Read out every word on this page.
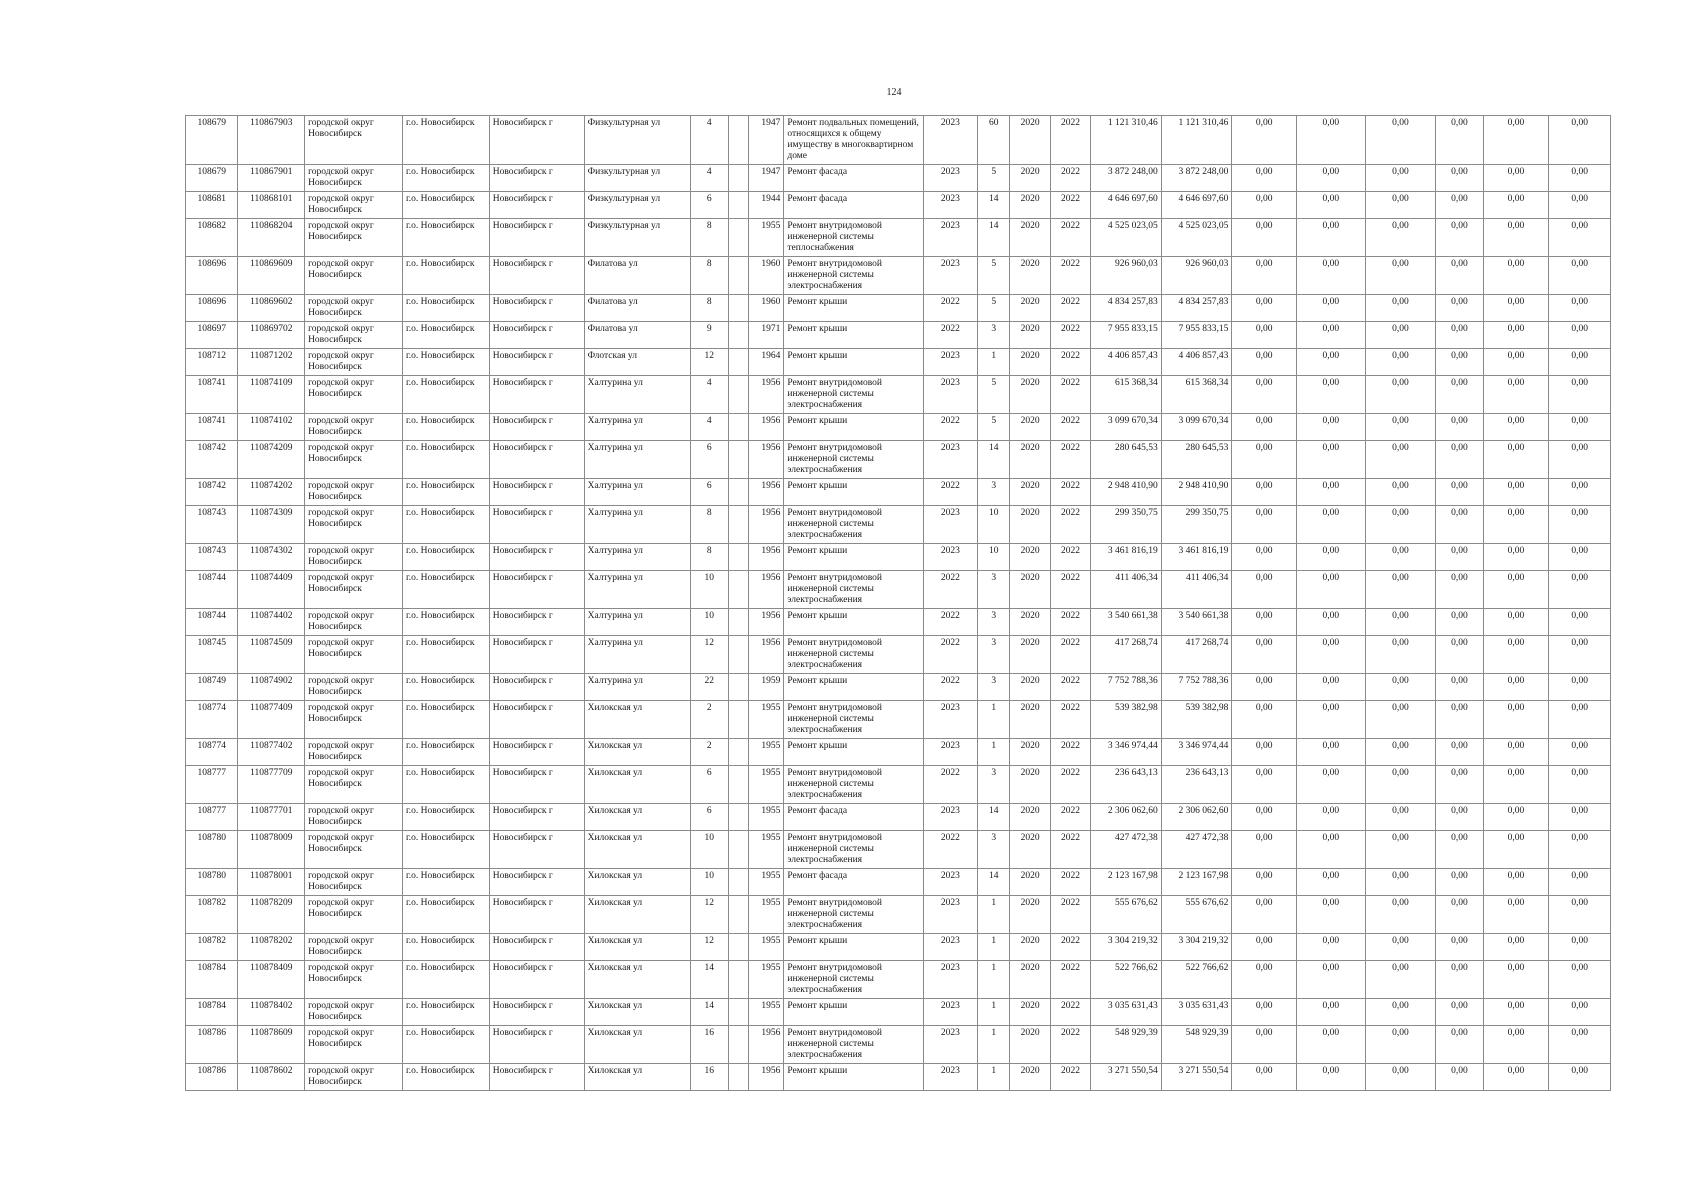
124
108679	110867903	городской округ Новосибирск	г.о. Новосибирск	Новосибирск г	Физкультурная ул	4		1947	Ремонт подвальных помещений, относящихся к общему имуществу в многоквартирном доме	2023	60	2020	2022	1 121 310,46	1 121 310,46	0,00	0,00	0,00	0,00	0,00	0,00
108679	110867901	городской округ Новосибирск	г.о. Новосибирск	Новосибирск г	Физкультурная ул	4		1947	Ремонт фасада	2023	5	2020	2022	3 872 248,00	3 872 248,00	0,00	0,00	0,00	0,00	0,00	0,00
108681	110868101	городской округ Новосибирск	г.о. Новосибирск	Новосибирск г	Физкультурная ул	6		1944	Ремонт фасада	2023	14	2020	2022	4 646 697,60	4 646 697,60	0,00	0,00	0,00	0,00	0,00	0,00
108682	110868204	городской округ Новосибирск	г.о. Новосибирск	Новосибирск г	Физкультурная ул	8		1955	Ремонт внутридомовой инженерной системы теплоснабжения	2023	14	2020	2022	4 525 023,05	4 525 023,05	0,00	0,00	0,00	0,00	0,00	0,00
108696	110869609	городской округ Новосибирск	г.о. Новосибирск	Новосибирск г	Филатова ул	8		1960	Ремонт внутридомовой инженерной системы электроснабжения	2023	5	2020	2022	926 960,03	926 960,03	0,00	0,00	0,00	0,00	0,00	0,00
108696	110869602	городской округ Новосибирск	г.о. Новосибирск	Новосибирск г	Филатова ул	8		1960	Ремонт крыши	2022	5	2020	2022	4 834 257,83	4 834 257,83	0,00	0,00	0,00	0,00	0,00	0,00
108697	110869702	городской округ Новосибирск	г.о. Новосибирск	Новосибирск г	Филатова ул	9		1971	Ремонт крыши	2022	3	2020	2022	7 955 833,15	7 955 833,15	0,00	0,00	0,00	0,00	0,00	0,00
108712	110871202	городской округ Новосибирск	г.о. Новосибирск	Новосибирск г	Флотская ул	12		1964	Ремонт крыши	2023	1	2020	2022	4 406 857,43	4 406 857,43	0,00	0,00	0,00	0,00	0,00	0,00
108741	110874109	городской округ Новосибирск	г.о. Новосибирск	Новосибирск г	Халтурина ул	4		1956	Ремонт внутридомовой инженерной системы электроснабжения	2023	5	2020	2022	615 368,34	615 368,34	0,00	0,00	0,00	0,00	0,00	0,00
108741	110874102	городской округ Новосибирск	г.о. Новосибирск	Новосибирск г	Халтурина ул	4		1956	Ремонт крыши	2022	5	2020	2022	3 099 670,34	3 099 670,34	0,00	0,00	0,00	0,00	0,00	0,00
108742	110874209	городской округ Новосибирск	г.о. Новосибирск	Новосибирск г	Халтурина ул	6		1956	Ремонт внутридомовой инженерной системы электроснабжения	2023	14	2020	2022	280 645,53	280 645,53	0,00	0,00	0,00	0,00	0,00	0,00
108742	110874202	городской округ Новосибирск	г.о. Новосибирск	Новосибирск г	Халтурина ул	6		1956	Ремонт крыши	2022	3	2020	2022	2 948 410,90	2 948 410,90	0,00	0,00	0,00	0,00	0,00	0,00
108743	110874309	городской округ Новосибирск	г.о. Новосибирск	Новосибирск г	Халтурина ул	8		1956	Ремонт внутридомовой инженерной системы электроснабжения	2023	10	2020	2022	299 350,75	299 350,75	0,00	0,00	0,00	0,00	0,00	0,00
108743	110874302	городской округ Новосибирск	г.о. Новосибирск	Новосибирск г	Халтурина ул	8		1956	Ремонт крыши	2023	10	2020	2022	3 461 816,19	3 461 816,19	0,00	0,00	0,00	0,00	0,00	0,00
108744	110874409	городской округ Новосибирск	г.о. Новосибирск	Новосибирск г	Халтурина ул	10		1956	Ремонт внутридомовой инженерной системы электроснабжения	2022	3	2020	2022	411 406,34	411 406,34	0,00	0,00	0,00	0,00	0,00	0,00
108744	110874402	городской округ Новосибирск	г.о. Новосибирск	Новосибирск г	Халтурина ул	10		1956	Ремонт крыши	2022	3	2020	2022	3 540 661,38	3 540 661,38	0,00	0,00	0,00	0,00	0,00	0,00
108745	110874509	городской округ Новосибирск	г.о. Новосибирск	Новосибирск г	Халтурина ул	12		1956	Ремонт внутридомовой инженерной системы электроснабжения	2022	3	2020	2022	417 268,74	417 268,74	0,00	0,00	0,00	0,00	0,00	0,00
108749	110874902	городской округ Новосибирск	г.о. Новосибирск	Новосибирск г	Халтурина ул	22		1959	Ремонт крыши	2022	3	2020	2022	7 752 788,36	7 752 788,36	0,00	0,00	0,00	0,00	0,00	0,00
108774	110877409	городской округ Новосибирск	г.о. Новосибирск	Новосибирск г	Хилокская ул	2		1955	Ремонт внутридомовой инженерной системы электроснабжения	2023	1	2020	2022	539 382,98	539 382,98	0,00	0,00	0,00	0,00	0,00	0,00
108774	110877402	городской округ Новосибирск	г.о. Новосибирск	Новосибирск г	Хилокская ул	2		1955	Ремонт крыши	2023	1	2020	2022	3 346 974,44	3 346 974,44	0,00	0,00	0,00	0,00	0,00	0,00
108777	110877709	городской округ Новосибирск	г.о. Новосибирск	Новосибирск г	Хилокская ул	6		1955	Ремонт внутридомовой инженерной системы электроснабжения	2022	3	2020	2022	236 643,13	236 643,13	0,00	0,00	0,00	0,00	0,00	0,00
108777	110877701	городской округ Новосибирск	г.о. Новосибирск	Новосибирск г	Хилокская ул	6		1955	Ремонт фасада	2023	14	2020	2022	2 306 062,60	2 306 062,60	0,00	0,00	0,00	0,00	0,00	0,00
108780	110878009	городской округ Новосибирск	г.о. Новосибирск	Новосибирск г	Хилокская ул	10		1955	Ремонт внутридомовой инженерной системы электроснабжения	2022	3	2020	2022	427 472,38	427 472,38	0,00	0,00	0,00	0,00	0,00	0,00
108780	110878001	городской округ Новосибирск	г.о. Новосибирск	Новосибирск г	Хилокская ул	10		1955	Ремонт фасада	2023	14	2020	2022	2 123 167,98	2 123 167,98	0,00	0,00	0,00	0,00	0,00	0,00
108782	110878209	городской округ Новосибирск	г.о. Новосибирск	Новосибирск г	Хилокская ул	12		1955	Ремонт внутридомовой инженерной системы электроснабжения	2023	1	2020	2022	555 676,62	555 676,62	0,00	0,00	0,00	0,00	0,00	0,00
108782	110878202	городской округ Новосибирск	г.о. Новосибирск	Новосибирск г	Хилокская ул	12		1955	Ремонт крыши	2023	1	2020	2022	3 304 219,32	3 304 219,32	0,00	0,00	0,00	0,00	0,00	0,00
108784	110878409	городской округ Новосибирск	г.о. Новосибирск	Новосибирск г	Хилокская ул	14		1955	Ремонт внутридомовой инженерной системы электроснабжения	2023	1	2020	2022	522 766,62	522 766,62	0,00	0,00	0,00	0,00	0,00	0,00
108784	110878402	городской округ Новосибирск	г.о. Новосибирск	Новосибирск г	Хилокская ул	14		1955	Ремонт крыши	2023	1	2020	2022	3 035 631,43	3 035 631,43	0,00	0,00	0,00	0,00	0,00	0,00
108786	110878609	городской округ Новосибирск	г.о. Новосибирск	Новосибирск г	Хилокская ул	16		1956	Ремонт внутридомовой инженерной системы электроснабжения	2023	1	2020	2022	548 929,39	548 929,39	0,00	0,00	0,00	0,00	0,00	0,00
108786	110878602	городской округ Новосибирск	г.о. Новосибирск	Новосибирск г	Хилокская ул	16		1956	Ремонт крыши	2023	1	2020	2022	3 271 550,54	3 271 550,54	0,00	0,00	0,00	0,00	0,00	0,00
